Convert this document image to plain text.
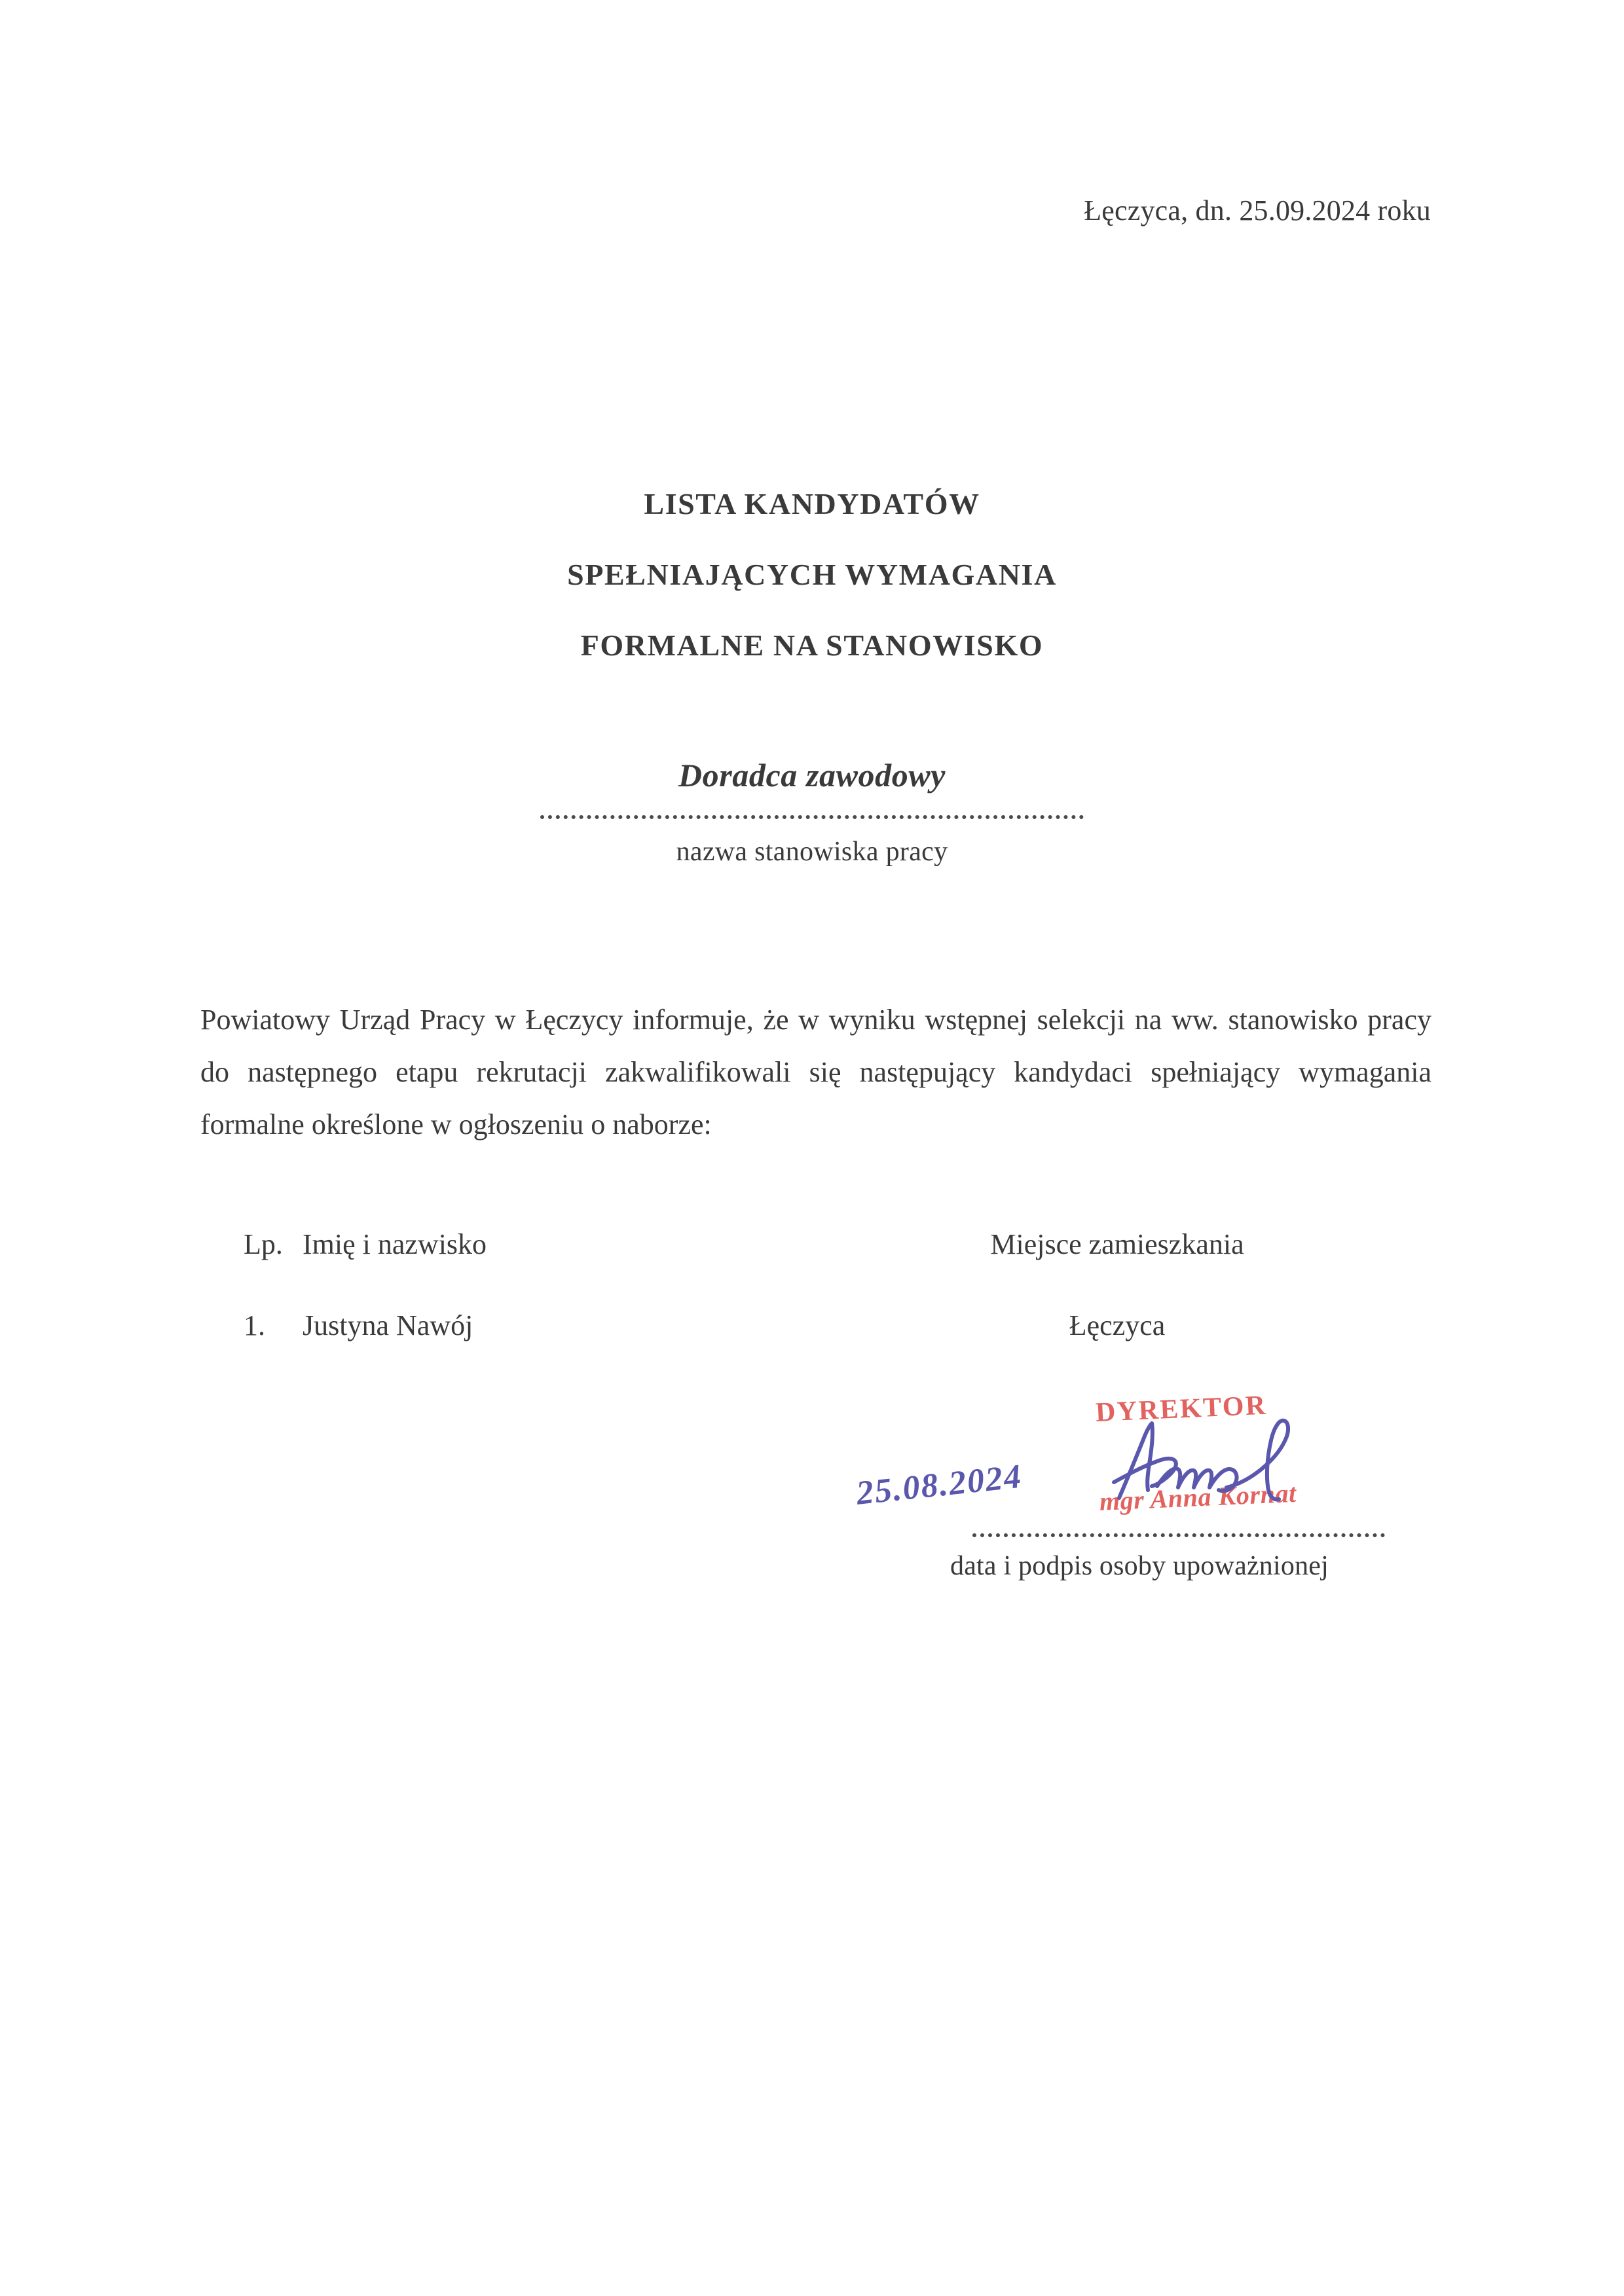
Łęczyca, dn. 25.09.2024 roku
LISTA KANDYDATÓW
SPEŁNIAJĄCYCH WYMAGANIA
FORMALNE NA STANOWISKO
Doradca zawodowy
nazwa stanowiska pracy

Powiatowy Urząd Pracy w Łęczycy informuje, że w wyniku wstępnej selekcji na ww. stanowisko pracy do następnego etapu rekrutacji zakwalifikowali się następujący kandydaci spełniający wymagania formalne określone w ogłoszeniu o naborze:

Lp. Imię i nazwisko	Miejsce zamieszkania
1.	Justyna Nawój	Łęczyca
DYREKTOR
mgr Anna Kornat
25.08.2024
data i podpis osoby upoważnionej
